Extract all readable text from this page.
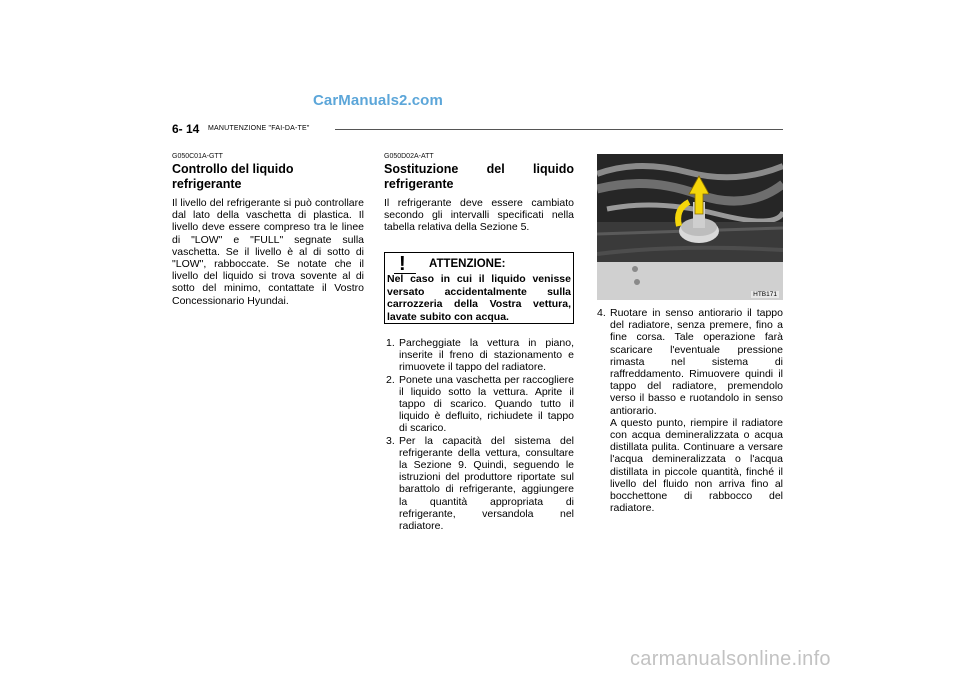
CarManuals2.com
6- 14 MANUTENZIONE "FAI-DA-TE"
G050C01A-GTT
Controllo del liquido refrigerante

Il livello del refrigerante si può controllare dal lato della vaschetta di plastica. Il livello deve essere compreso tra le linee di "LOW" e "FULL" segnate sulla vaschetta. Se il livello è al di sotto di "LOW", rabboccate. Se notate che il livello del liquido si trova sovente al di sotto del minimo, contattate il Vostro Concessionario Hyundai.

G050D02A-ATT
Sostituzione del liquido refrigerante

Il refrigerante deve essere cambiato secondo gli intervalli specificati nella tabella relativa della Sezione 5.

! ATTENZIONE:
Nel caso in cui il liquido venisse versato accidentalmente sulla carrozzeria della Vostra vettura, lavate subito con acqua.
1. Parcheggiate la vettura in piano, inserite il freno di stazionamento e rimuovete il tappo del radiatore.
2. Ponete una vaschetta per raccogliere il liquido sotto la vettura. Aprite il tappo di scarico. Quando tutto il liquido è defluito, richiudete il tappo di scarico.
3. Per la capacità del sistema del refrigerante della vettura, consultare la Sezione 9. Quindi, seguendo le istruzioni del produttore riportate sul barattolo di refrigerante, aggiungere la quantità appropriata di refrigerante, versandola nel radiatore.
HTB171
4. Ruotare in senso antiorario il tappo del radiatore, senza premere, fino a fine corsa. Tale operazione farà scaricare l'eventuale pressione rimasta nel sistema di raffreddamento. Rimuovere quindi il tappo del radiatore, premendolo verso il basso e ruotandolo in senso antiorario.
A questo punto, riempire il radiatore con acqua demineralizzata o acqua distillata pulita. Continuare a versare l'acqua demineralizzata o l'acqua distillata in piccole quantità, finché il livello del fluido non arriva fino al bocchettone di rabbocco del radiatore.
carmanualsonline.info
